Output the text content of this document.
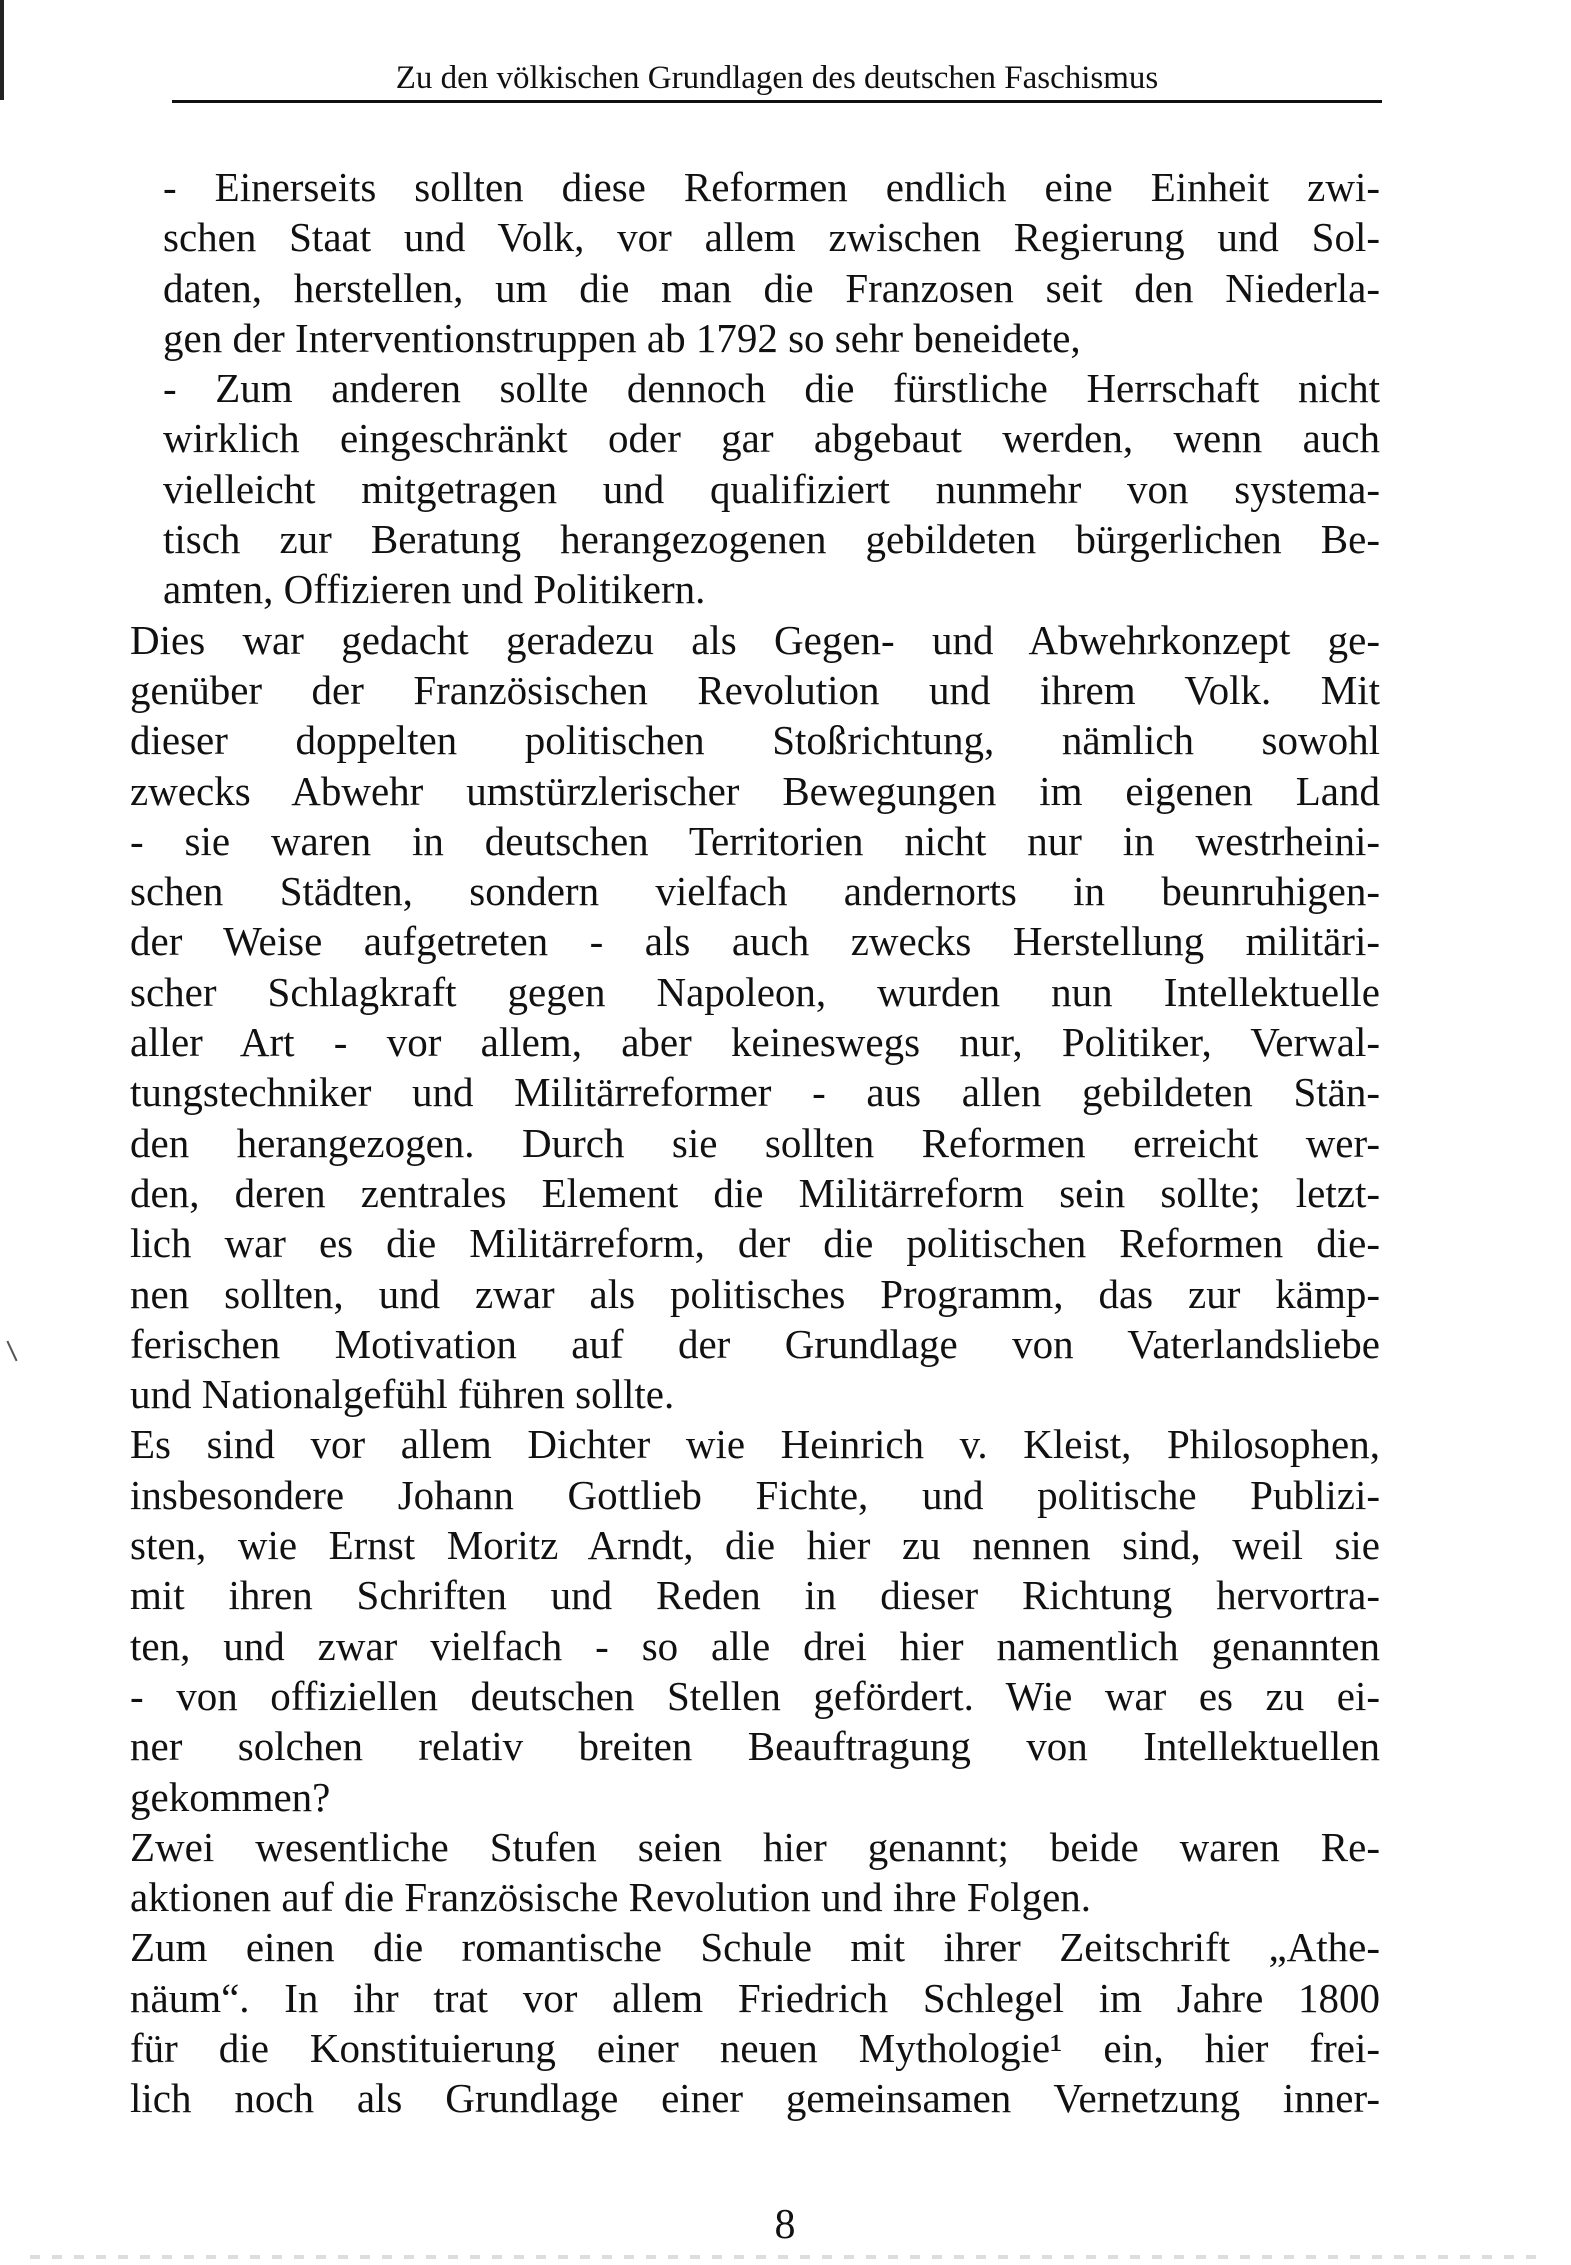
Zu den völkischen Grundlagen des deutschen Faschismus
- Einerseits sollten diese Reformen endlich eine Einheit zwi-
schen Staat und Volk, vor allem zwischen Regierung und Sol-
daten, herstellen, um die man die Franzosen seit den Niederla-
gen der Interventionstruppen ab 1792 so sehr beneidete,
- Zum anderen sollte dennoch die fürstliche Herrschaft nicht
wirklich eingeschränkt oder gar abgebaut werden, wenn auch
vielleicht mitgetragen und qualifiziert nunmehr von systema-
tisch zur Beratung herangezogenen gebildeten bürgerlichen Be-
amten, Offizieren und Politikern.
Dies war gedacht geradezu als Gegen- und Abwehrkonzept ge-
genüber der Französischen Revolution und ihrem Volk. Mit
dieser doppelten politischen Stoßrichtung, nämlich sowohl
zwecks Abwehr umstürzlerischer Bewegungen im eigenen Land
- sie waren in deutschen Territorien nicht nur in westrheini-
schen Städten, sondern vielfach andernorts in beunruhigen-
der Weise aufgetreten - als auch zwecks Herstellung militäri-
scher Schlagkraft gegen Napoleon, wurden nun Intellektuelle
aller Art - vor allem, aber keineswegs nur, Politiker, Verwal-
tungstechniker und Militärreformer - aus allen gebildeten Stän-
den herangezogen. Durch sie sollten Reformen erreicht wer-
den, deren zentrales Element die Militärreform sein sollte; letzt-
lich war es die Militärreform, der die politischen Reformen die-
nen sollten, und zwar als politisches Programm, das zur kämp-
ferischen Motivation auf der Grundlage von Vaterlandsliebe
und Nationalgefühl führen sollte.
Es sind vor allem Dichter wie Heinrich v. Kleist, Philosophen,
insbesondere Johann Gottlieb Fichte, und politische Publizi-
sten, wie Ernst Moritz Arndt, die hier zu nennen sind, weil sie
mit ihren Schriften und Reden in dieser Richtung hervortra-
ten, und zwar vielfach - so alle drei hier namentlich genannten
- von offiziellen deutschen Stellen gefördert. Wie war es zu ei-
ner solchen relativ breiten Beauftragung von Intellektuellen
gekommen?
Zwei wesentliche Stufen seien hier genannt; beide waren Re-
aktionen auf die Französische Revolution und ihre Folgen.
Zum einen die romantische Schule mit ihrer Zeitschrift „Athe-
näum“. In ihr trat vor allem Friedrich Schlegel im Jahre 1800
für die Konstituierung einer neuen Mythologie¹ ein, hier frei-
lich noch als Grundlage einer gemeinsamen Vernetzung inner-
8
